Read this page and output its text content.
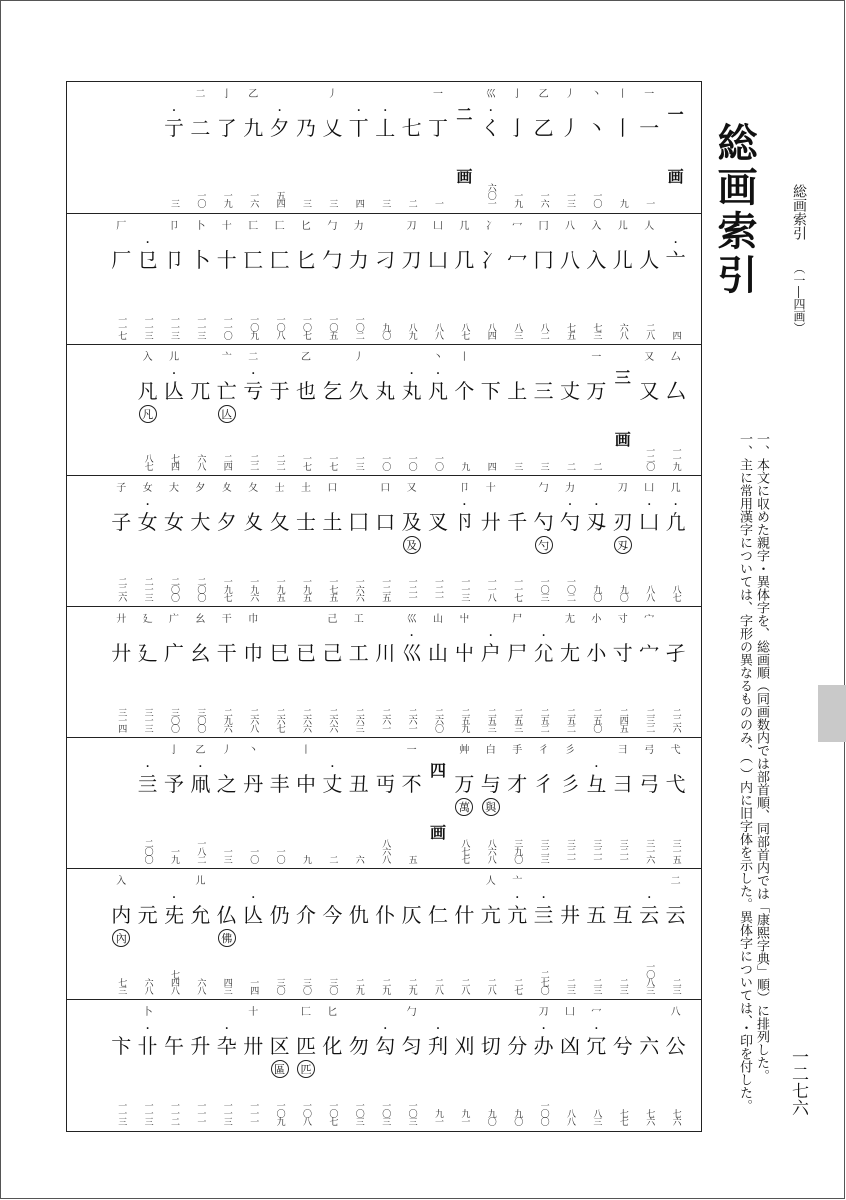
一
画
一
一
一
丨
丨
九
丶
丶
一〇
丿
丿
一三
乙
乙
一六
亅
亅
一九
巛
・
く
六〇一
二
画
一
丁
一
七
二
・
丄
三
・
丅
四
丿
乂
三
乃
三
・
夕
五四
乙
九
一六
亅
了
一九
二
二
一〇
・
亍
三
・
亠
四
人
人
二八
儿
儿
六八
入
入
七三
八
八
七五
冂
冂
八二
冖
冖
八三
冫
冫
八四
几
几
八七
凵
凵
八八
刀
刀
八九
刁
九〇
力
力
一〇二
勹
勹
一〇五
匕
匕
一〇七
匚
匚
一〇八
匸
匸
一〇九
十
十
一一〇
卜
卜
一一三
卩
卩
一一三
・
㔾
一一三
厂
厂
一一七
厶
厶
一一九
又
又
一二〇
三
画
一
万
二
丈
二
三
三
上
三
下
四
丨
个
九
丶
・
凡
一〇
・
丸
一〇
丸
一〇
丿
久
一三
乞
一七
乙
也
一七
于
二二
二
・
亏
二二
亠
亡
亾
二四
兀
六八
儿
・
亾
七四
入
凡
凡
八七
几
・
凢
八七
凵
・
凵
八八
刀
刃
刄
九〇
・
刄
九〇
力
・
勺
一〇二
勹
勺
勺
一〇三
千
一一七
十
廾
一一八
卩
・
卪
一一三
叉
一二一
又
及
及
一二一
口
口
一二五
囗
一六六
口
土
一七五
土
士
一九五
士
夂
一九五
夂
夊
一九六
夊
夕
一九七
夕
大
二〇〇
大
女
二〇〇
女
・
女
二一三
子
子
二二六
孑
二二六
宀
宀
二三二
寸
寸
二四五
小
小
二五〇
尢
尢
二五二
・
尣
二五二
尸
尸
二五三
・
户
二五三
屮
屮
二五九
山
山
二六〇
巛
・
巛
二六一
川
二六一
工
工
二六三
己
己
二六六
已
二六六
巳
二六七
巾
巾
二六八
干
干
二九六
幺
幺
三〇〇
广
广
三〇〇
廴
廴
三一三
廾
廾
三一四
弋
弋
三一五
弓
弓
三一六
彐
彐
三二一
・
彑
三二一
彡
彡
三二一
彳
彳
三二三
手
才
三九〇
白
与
與
八六八
艸
万
萬
八七七
四
画
一
不
五
丏
八六八
丑
六
・
丈
二
丨
中
九
丰
一〇
丶
丹
一〇
丿
之
一三
乙
・
凧
一八二
亅
予
一九
・
亖
二〇〇
二
云
二三
・
云
一〇八三
互
二三
五
二三
井
二三
・
亖
二七〇
亠
・
亢
二七
人
亢
二八
什
二八
仁
二八
仄
二九
仆
二九
仇
二九
今
三〇
介
三〇
仍
三〇
・
亾
一四
仏
佛
四三
儿
允
六八
・
兂
七四八
元
六八
入
内
內
七三
八
公
七六
六
七六
兮
七七
冖
・
冗
八三
凵
凶
八八
刀
・
办
一〇〇
分
九〇
切
九〇
刈
九一
・
刋
九一
勹
匀
一〇三
・
勾
一〇三
勿
一〇三
匕
化
一〇七
匚
匹
匹
一〇八
区
區
一〇九
十
卅
一一一
・
卆
一一三
升
一一一
午
一一二
卜
・
卝
一一三
卞
一一三
総画索引	総画索引
（一―四画）
一、本文に収めた親字・異体字を、総画順（同画数内では部首順、同部首内では「康熙字典」順）に排列した。
一、主に常用漢字については、字形の異なるもののみ、（ ）内に旧字体を示した。異体字については、・印を付した。 一二七六
